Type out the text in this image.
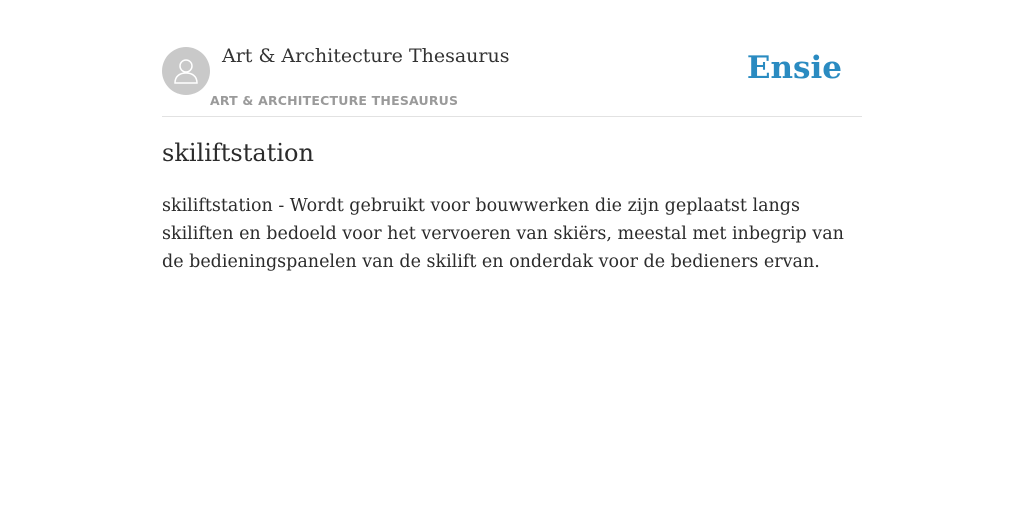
Art & Architecture Thesaurus
ART & ARCHITECTURE THESAURUS
Ensie
skiliftstation

skiliftstation - Wordt gebruikt voor bouwwerken die zijn geplaatst langs skiliften en bedoeld voor het vervoeren van skiërs, meestal met inbegrip van de bedieningspanelen van de skilift en onderdak voor de bedieners ervan.
